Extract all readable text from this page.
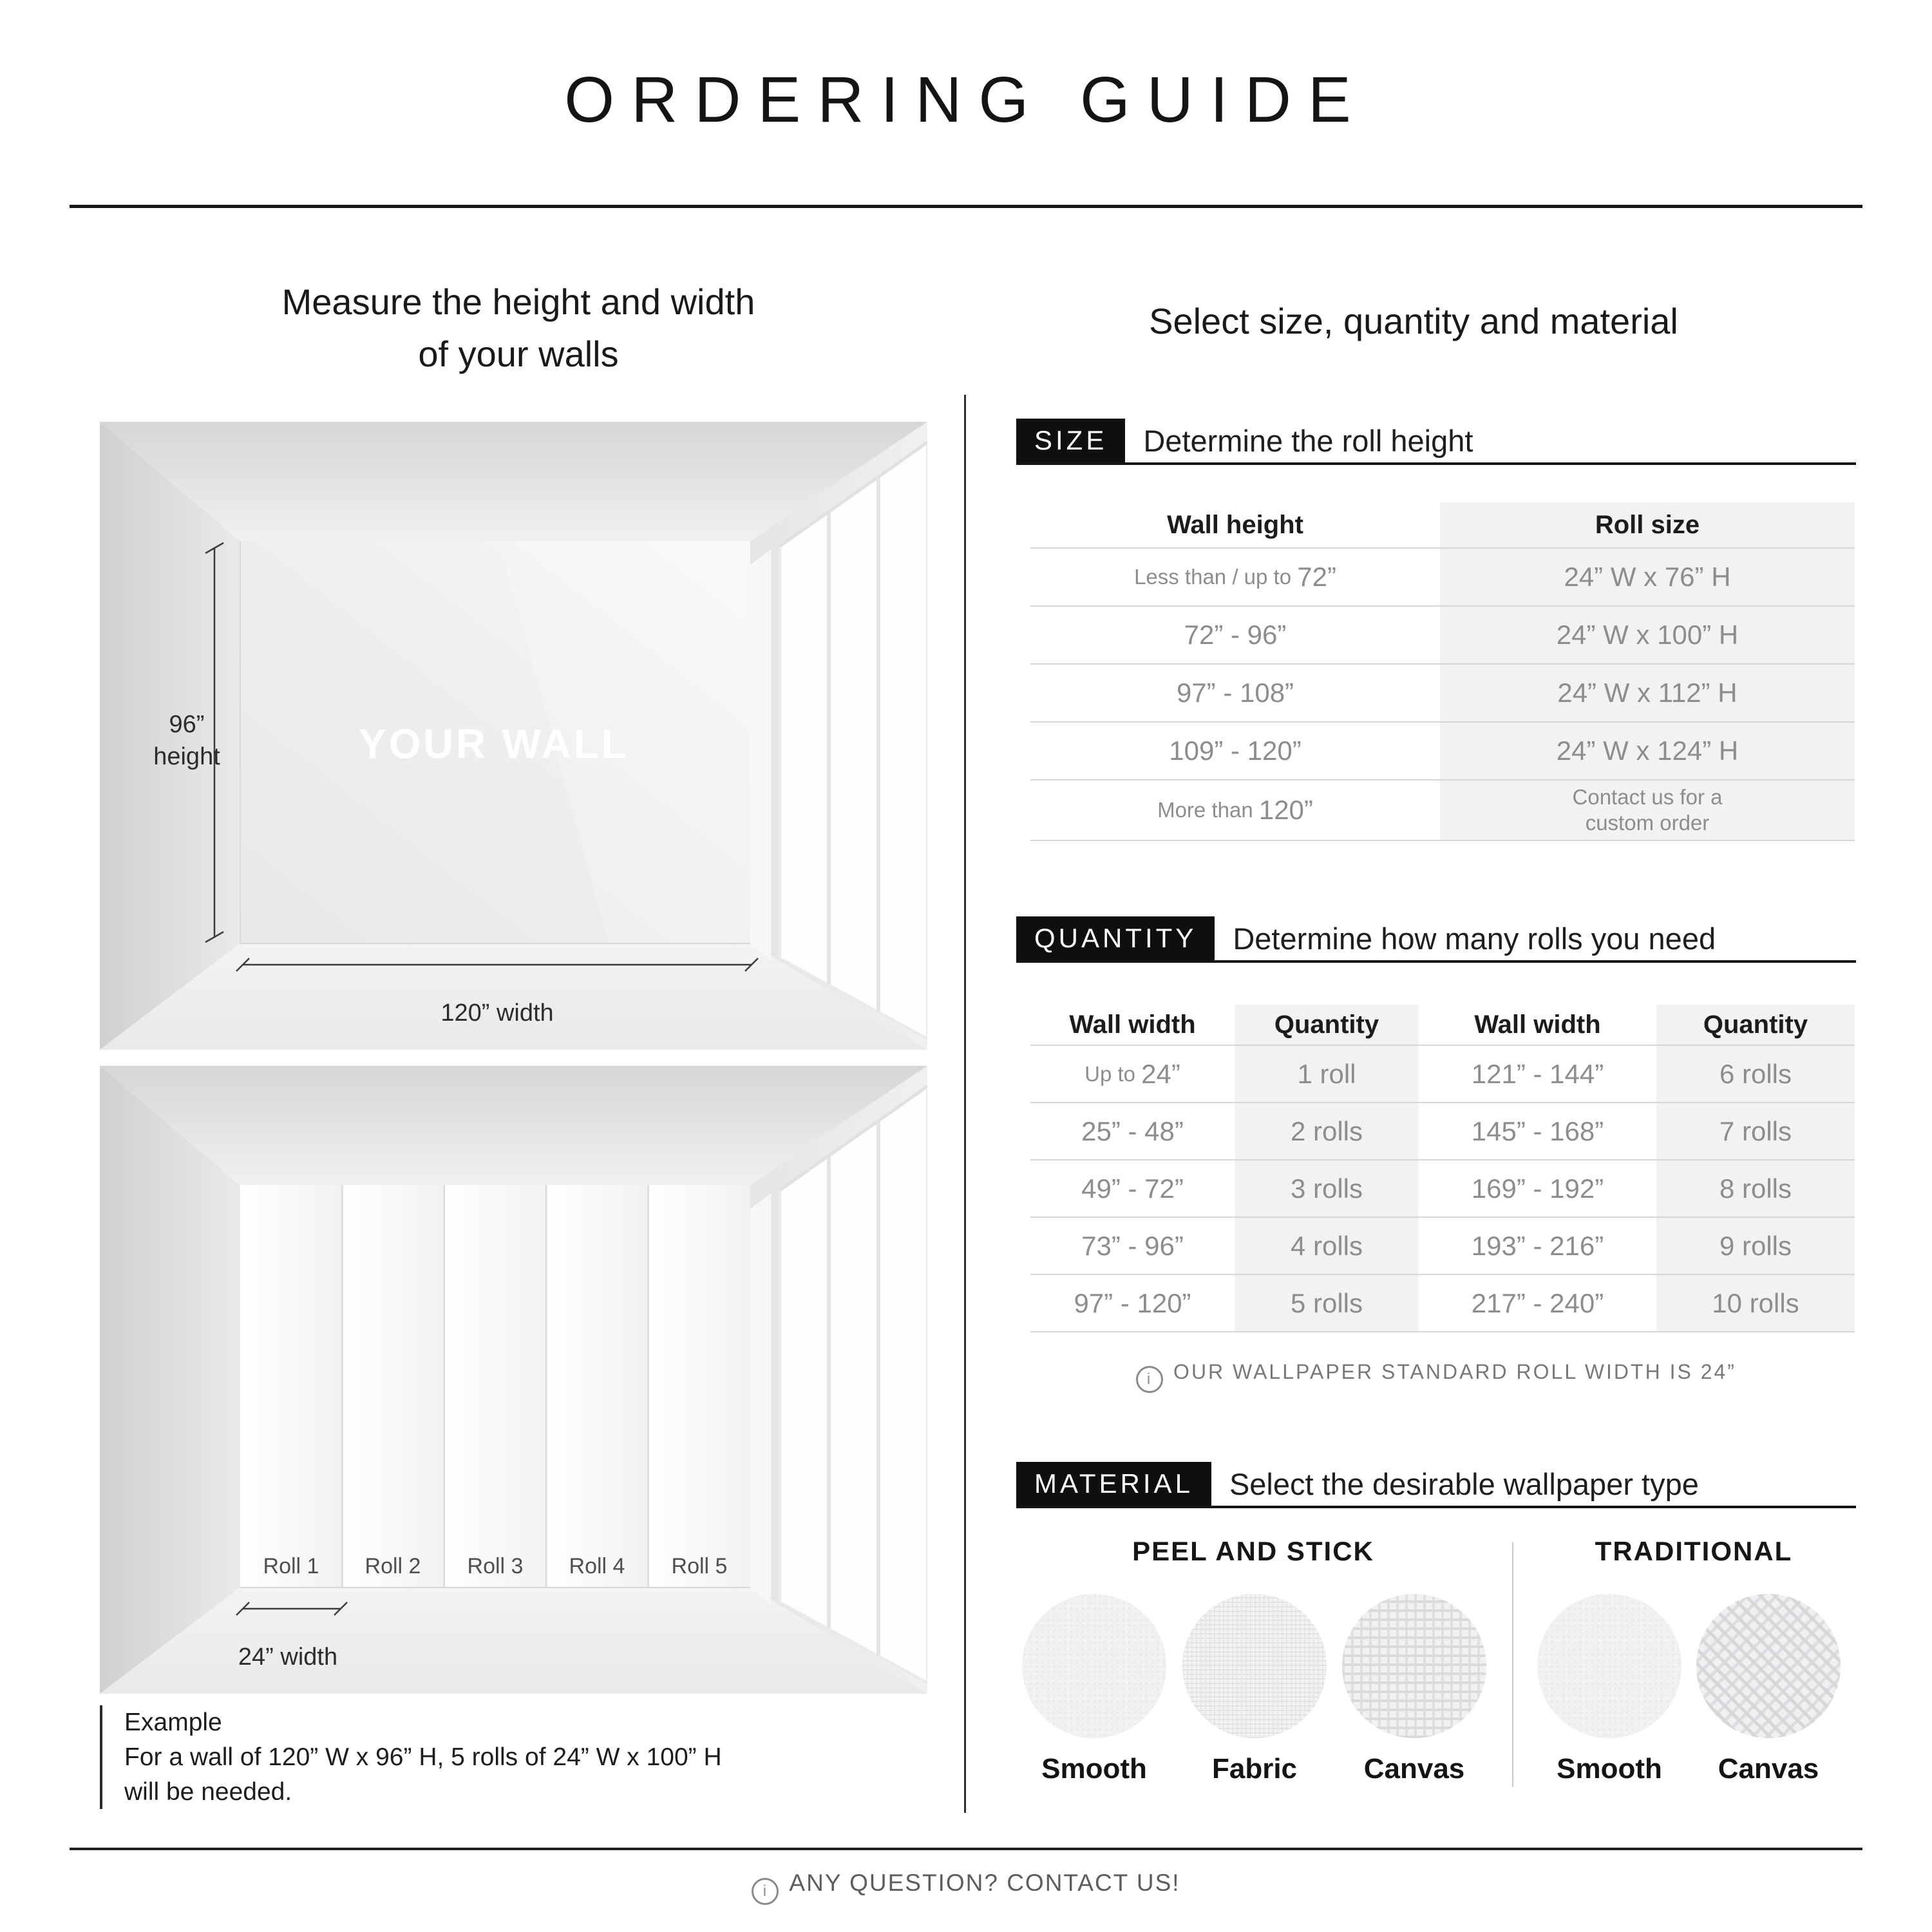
ORDERING GUIDE
Measure the height and width
of your walls
96”
height
120” width
YOUR WALL
Roll 1 Roll 2 Roll 3 Roll 4 Roll 5
24” width
Example
For a wall of 120” W x 96” H, 5 rolls of 24” W x 100” H
will be needed.
Select size, quantity and material
SIZE	Determine the roll height
Wall height	Roll size
Less than / up to 72”	24” W x 76” H
72” - 96”	24” W x 100” H
97” - 108”	24” W x 112” H
109” - 120”	24” W x 124” H
More than 120”	Contact us for a
custom order
QUANTITY	Determine how many rolls you need
Wall width	Quantity	Wall width	Quantity
Up to 24”	1 roll	121” - 144”	6 rolls
25” - 48”	2 rolls	145” - 168”	7 rolls
49” - 72”	3 rolls	169” - 192”	8 rolls
73” - 96”	4 rolls	193” - 216”	9 rolls
97” - 120”	5 rolls	217” - 240”	10 rolls
iOUR WALLPAPER STANDARD ROLL WIDTH IS 24”
MATERIAL	Select the desirable wallpaper type
PEEL AND STICK	TRADITIONAL
Smooth Fabric Canvas	Smooth Canvas
iANY QUESTION? CONTACT US!
